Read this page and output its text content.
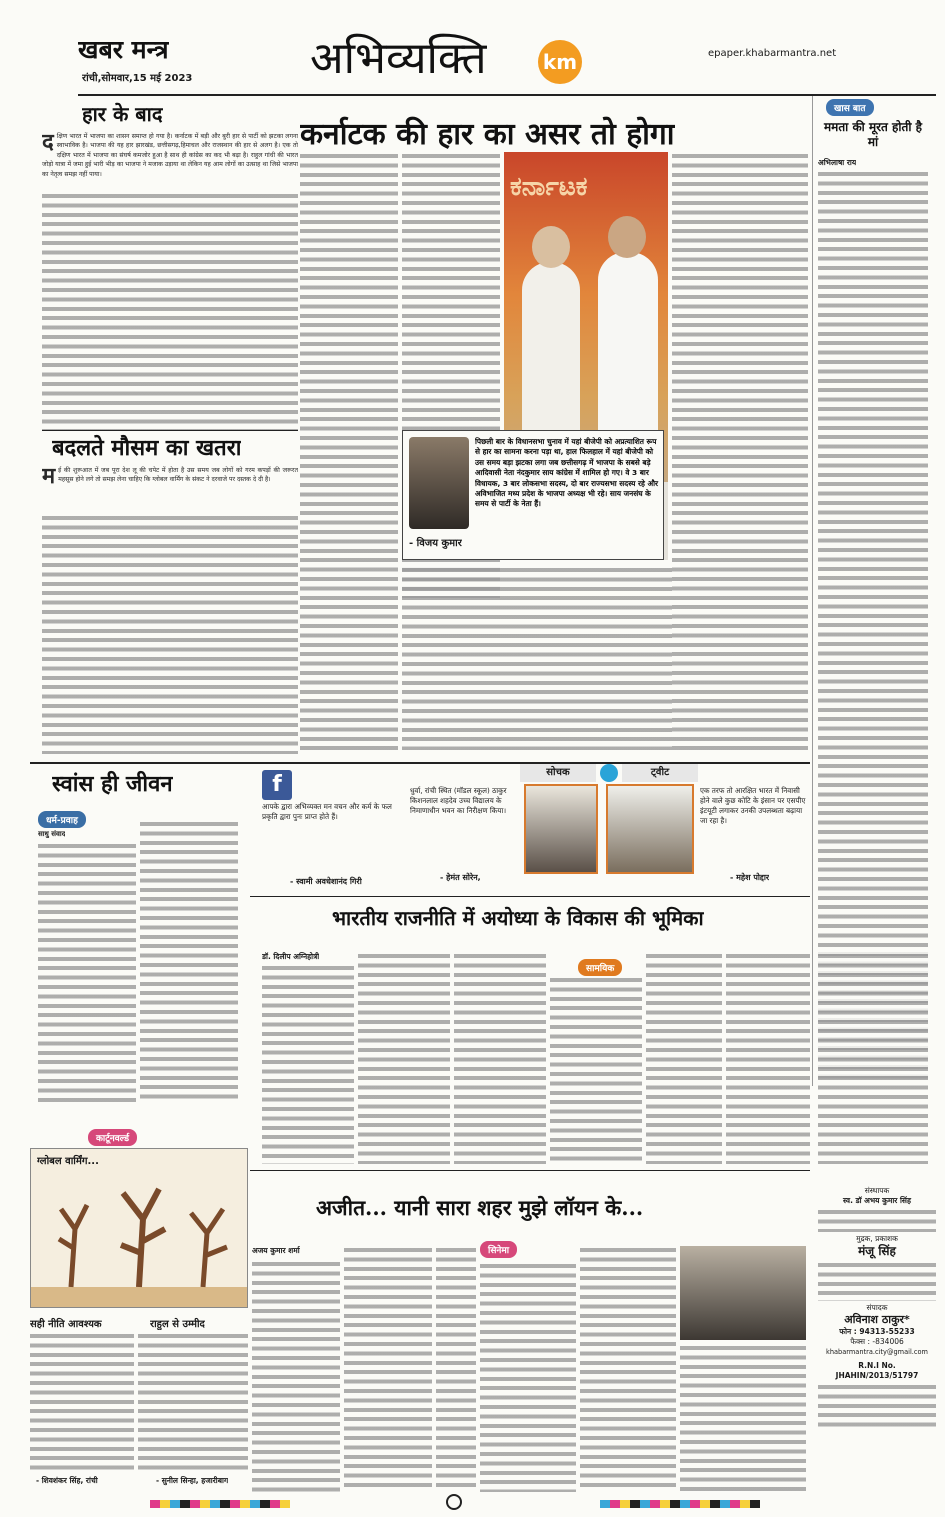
खबर मन्त्र
रांची,सोमवार,15 मई 2023	अभिव्यक्ति	km	epaper.khabarmantra.net
हार के बाद
दक्षिण भारत में भाजपा का शासन समाप्त हो गया है। कर्नाटक में बड़ी और बुरी हार से पार्टी को झटका लगना स्वाभाविक है। भाजपा की यह हार झारखंड, छत्तीसगढ़,हिमाचल और राजस्थान की हार से अलग है। एक तो दक्षिण भारत में भाजपा का संघर्ष कमजोर हुआ है साथ ही कांग्रेस का कद भी बढ़ा है। राहुल गांधी की भारत जोड़ो यात्रा में जमा हुई भारी भीड़ का भाजपा ने मजाक उड़ाया था लेकिन यह आम लोगों का उत्साह था जिसे भाजपा का नेतृत्व समझ नहीं पाया।
बदलते मौसम का खतरा
मई की शुरूआत में जब पूरा देश लू की चपेट में होता है उस समय जब लोगों को गरम कपड़ों की जरूरत महसूस होने लगे तो समझ लेना चाहिए कि ग्लोबल वार्मिंग के संकट ने दरवाजे पर दस्तक दे दी है।
कर्नाटक की हार का असर तो होगा
ಕರ್ನಾಟಕ
- विजय कुमार
पिछली बार के विधानसभा चुनाव में यहां बीजेपी को अप्रत्याशित रूप से हार का सामना करना पड़ा था, हाल फिलहाल में यहां बीजेपी को उस समय बड़ा झटका लगा जब छत्तीसगढ़ में भाजपा के सबसे बड़े आदिवासी नेता नंदकुमार साय कांग्रेस में शामिल हो गए। वे 3 बार विधायक, 3 बार लोकसभा सदस्य, दो बार राज्यसभा सदस्य रहे और अविभाजित मध्य प्रदेश के भाजपा अध्यक्ष भी रहे। साय जनसंघ के समय से पार्टी के नेता हैं।
खास बात
ममता की मूरत होती है मां
अभिलाषा राय
स्वांस ही जीवन
धर्म-प्रवाह
साधु संवाद
f
आपके द्वारा अभिव्यक्त मन वचन और कर्म के फल प्रकृति द्वारा पुनः प्राप्त होते हैं।
- स्वामी अवधेशानंद गिरी
सोचक	ट्वीट
धुर्वा, रांची स्थित (मॉडल स्कूल) ठाकुर किशनलाल शहदेव उच्च विद्यालय के निमाणाधीन भवन का निरीक्षण किया।
- हेमंत सोरेन,
एक तरफ तो आरक्षित भारत में निवासी होने वाले कुछ कोटि के इंसान पर एसपीए इंटयूटी लगाकर उनकी उपलब्धता बढ़ाया जा रहा है।
- महेश पोद्दार
भारतीय राजनीति में अयोध्या के विकास की भूमिका
डॉ. दिलीप अग्निहोत्री
सामयिक
कार्टूनवर्ल्ड
ग्लोबल वार्मिंग...
अजीत... यानी सारा शहर मुझे लॉयन के...
अजय कुमार शर्मा	सिनेमा
सही नीति आवश्यक
- शिवशंकर सिंह, रांची
राहुल से उम्मीद
- सुनील सिन्हा, हजारीबाग
संस्थापक
स्व. डॉ अभय कुमार सिंह
मुद्रक, प्रकाशक
मंजू सिंह
संपादक
अविनाश ठाकुर*
फोन : 94313-55233
फैक्स : -834006
khabarmantra.city@gmail.com
R.N.I No.
JHAHIN/2013/51797
